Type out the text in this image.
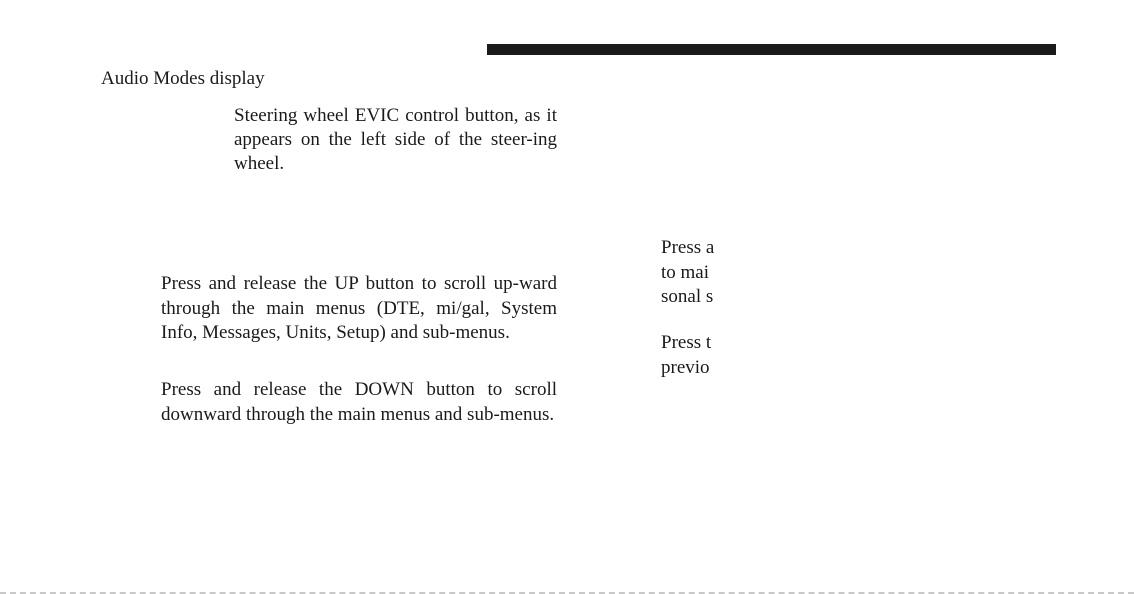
Audio Modes display
Steering wheel EVIC control button, as it appears on the left side of the steer-ing wheel.

Press and release the UP button to scroll up-ward through the main menus (DTE, mi/gal, System Info, Messages, Units, Setup) and sub-menus.

Press and release the DOWN button to scroll downward through the main menus and sub-menus.

Press a
to mai
sonal s
Press t
previo
